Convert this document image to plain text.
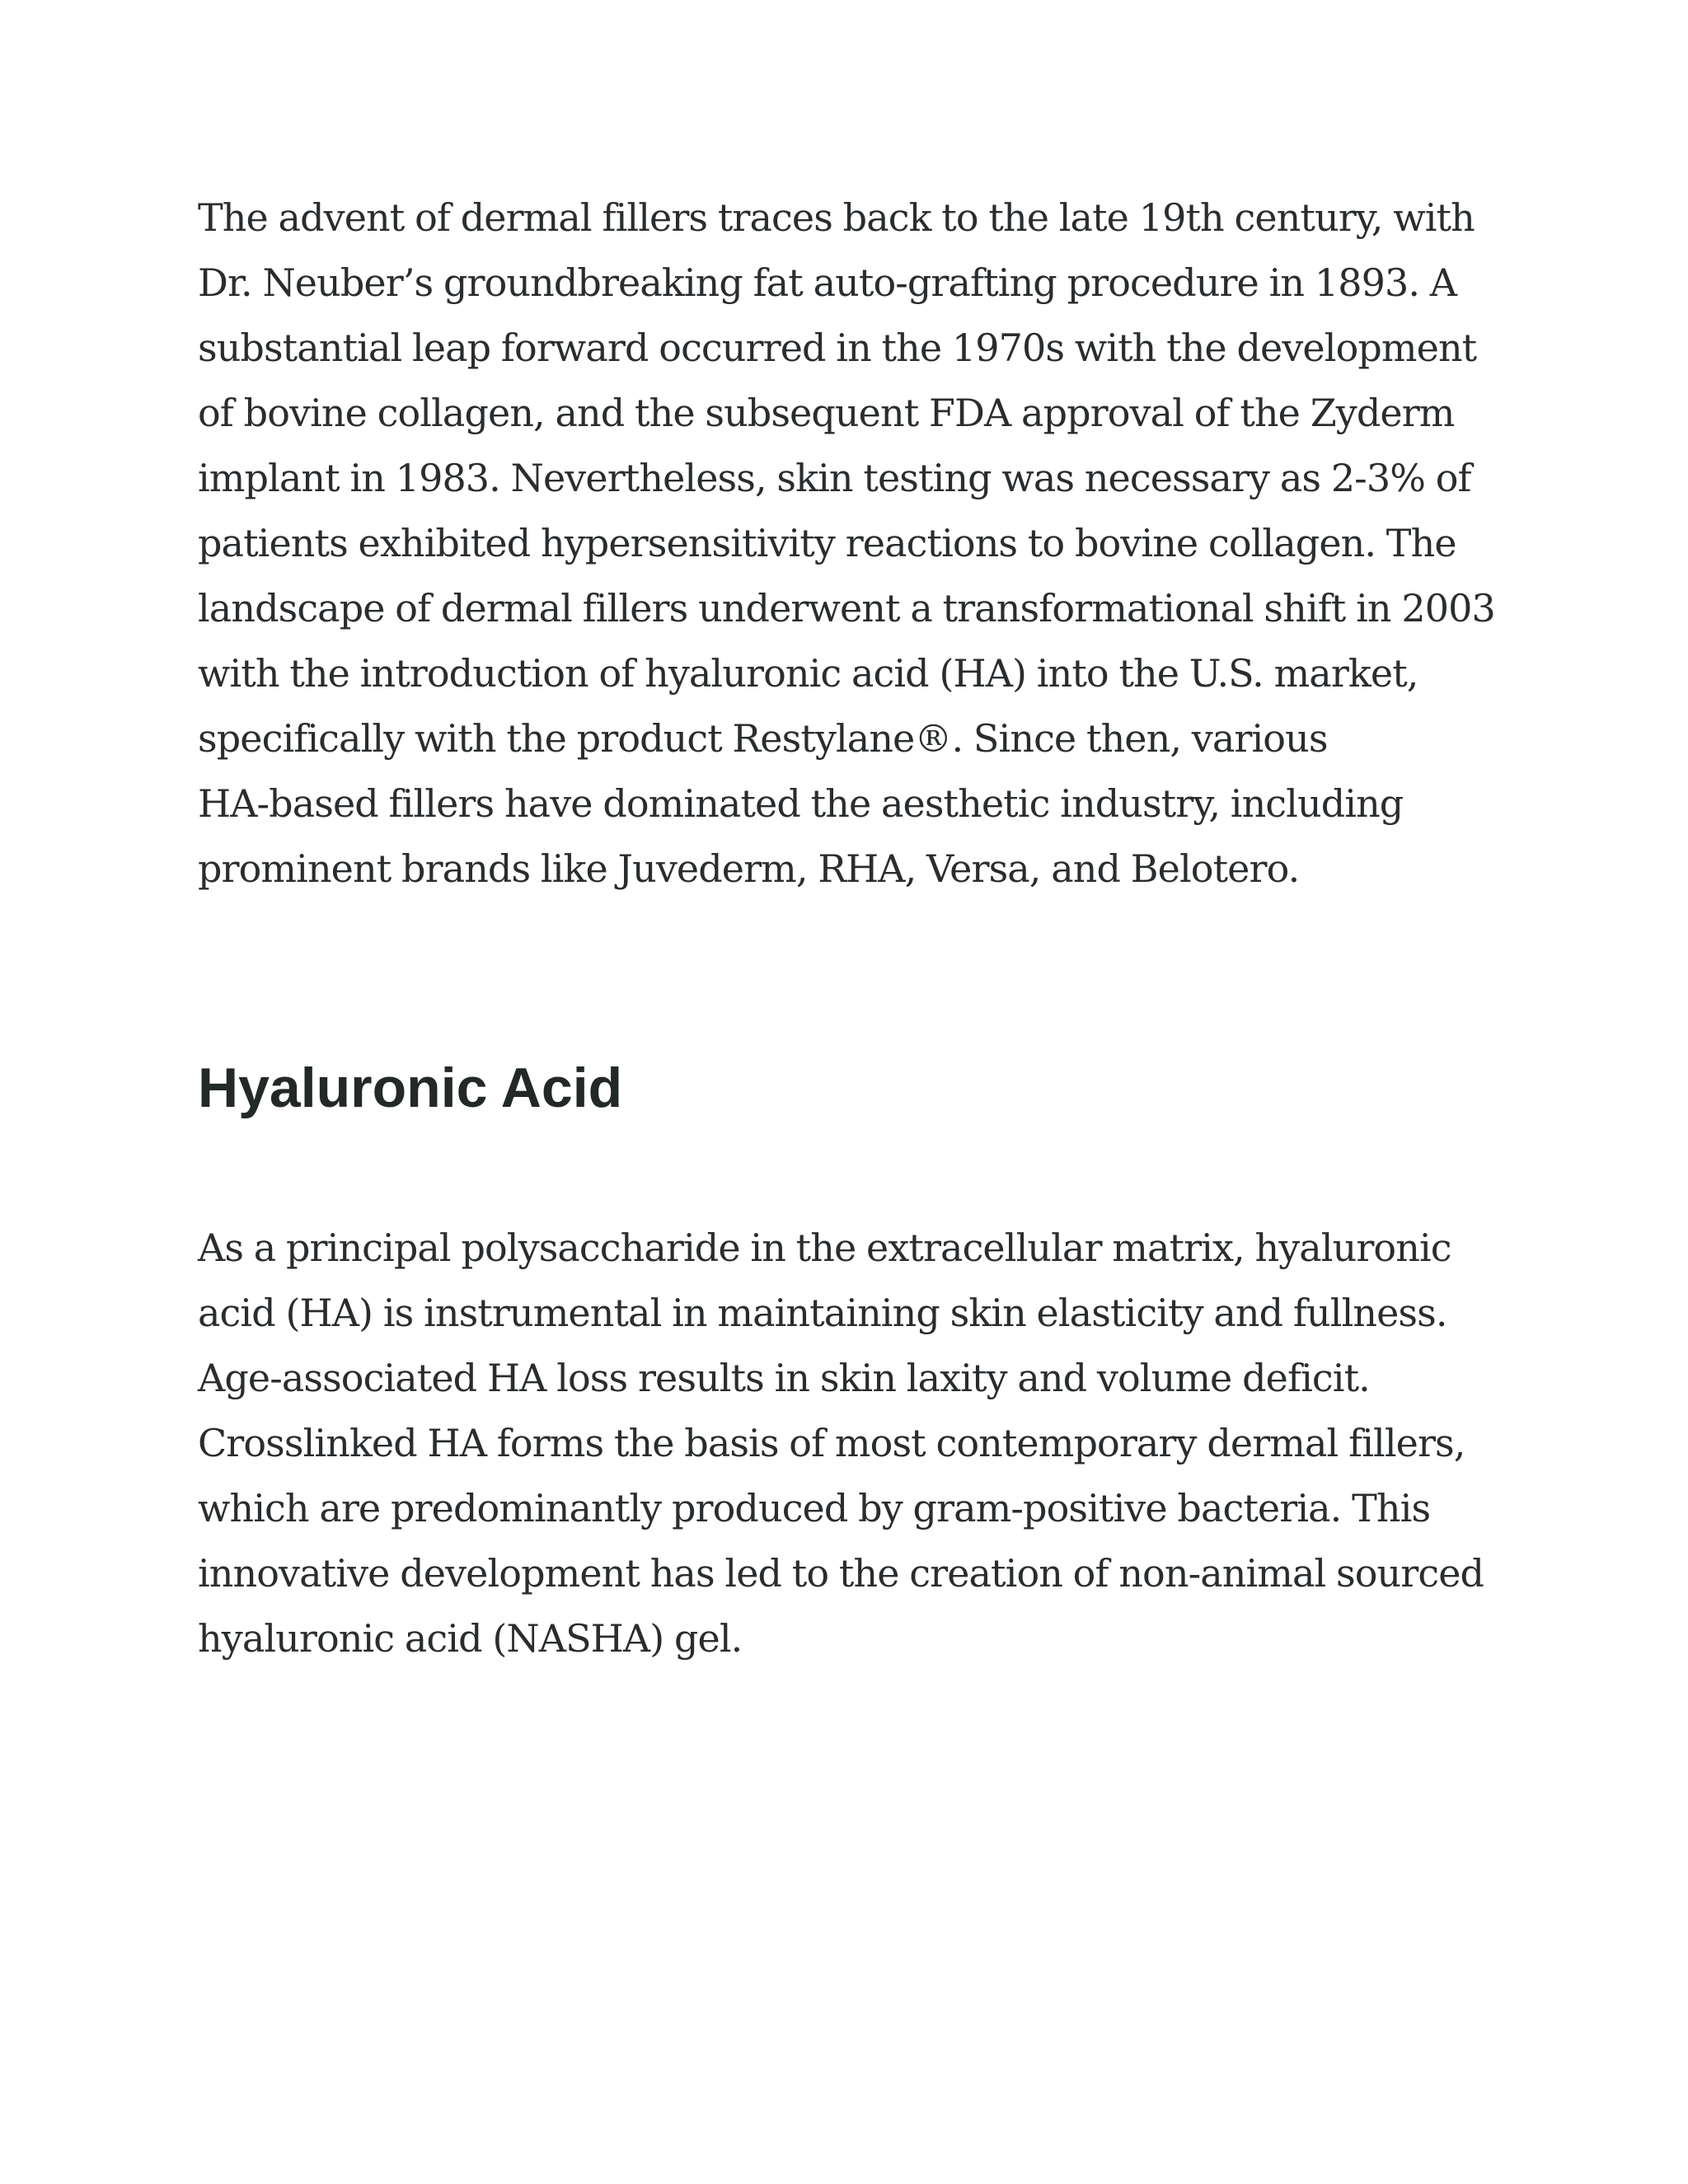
The advent of dermal fillers traces back to the late 19th century, with
Dr. Neuber’s groundbreaking fat auto-grafting procedure in 1893. A
substantial leap forward occurred in the 1970s with the development
of bovine collagen, and the subsequent FDA approval of the Zyderm
implant in 1983. Nevertheless, skin testing was necessary as 2-3% of
patients exhibited hypersensitivity reactions to bovine collagen. The
landscape of dermal fillers underwent a transformational shift in 2003
with the introduction of hyaluronic acid (HA) into the U.S. market,
specifically with the product Restylane®. Since then, various
HA-based fillers have dominated the aesthetic industry, including
prominent brands like Juvederm, RHA, Versa, and Belotero.

Hyaluronic Acid

As a principal polysaccharide in the extracellular matrix, hyaluronic
acid (HA) is instrumental in maintaining skin elasticity and fullness.
Age-associated HA loss results in skin laxity and volume deficit.
Crosslinked HA forms the basis of most contemporary dermal fillers,
which are predominantly produced by gram-positive bacteria. This
innovative development has led to the creation of non-animal sourced
hyaluronic acid (NASHA) gel.
